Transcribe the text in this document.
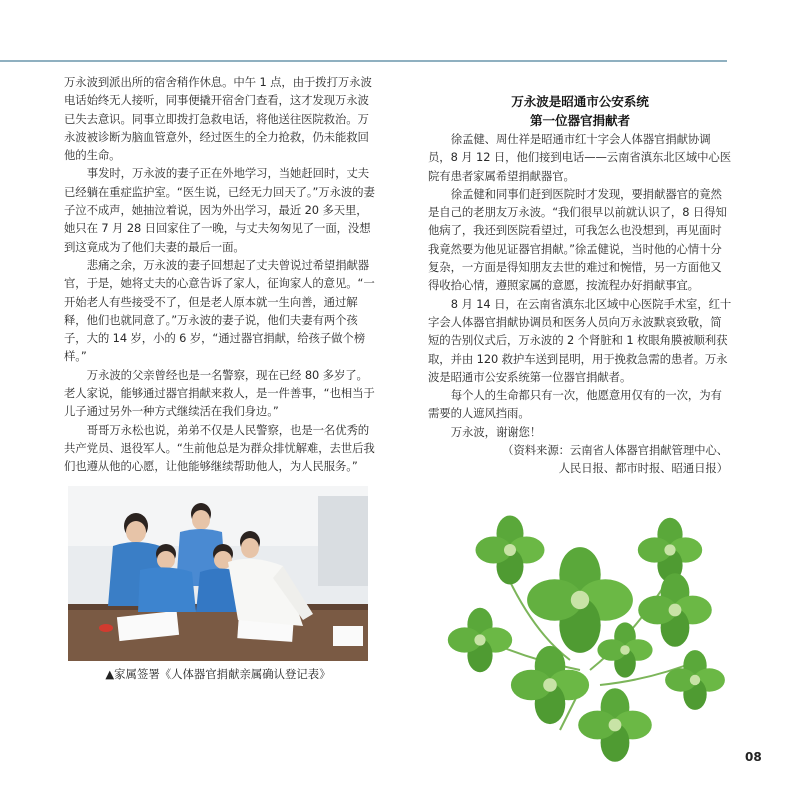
万永波到派出所的宿舍稍作休息。中午 1 点，由于拨打万永波电话始终无人接听，同事便撬开宿舍门查看，这才发现万永波已失去意识。同事立即拨打急救电话，将他送往医院救治。万永波被诊断为脑血管意外，经过医生的全力抢救，仍未能救回他的生命。

事发时，万永波的妻子正在外地学习，当她赶回时，丈夫已经躺在重症监护室。“医生说，已经无力回天了。”万永波的妻子泣不成声，她抽泣着说，因为外出学习，最近 20 多天里，她只在 7 月 28 日回家住了一晚，与丈夫匆匆见了一面，没想到这竟成为了他们夫妻的最后一面。

悲痛之余，万永波的妻子回想起了丈夫曾说过希望捐献器官，于是，她将丈夫的心意告诉了家人，征询家人的意见。“一开始老人有些接受不了，但是老人原本就一生向善，通过解释，他们也就同意了。”万永波的妻子说，他们夫妻有两个孩子，大的 14 岁，小的 6 岁，“通过器官捐献，给孩子做个榜样。”

万永波的父亲曾经也是一名警察，现在已经 80 多岁了。老人家说，能够通过器官捐献来救人，是一件善事，“也相当于儿子通过另外一种方式继续活在我们身边。”

哥哥万永松也说，弟弟不仅是人民警察，也是一名优秀的共产党员、退役军人。“生前他总是为群众排忧解难，去世后我们也遵从他的心愿，让他能够继续帮助他人，为人民服务。”

▲家属签署《人体器官捐献亲属确认登记表》

万永波是昭通市公安系统

第一位器官捐献者

徐孟健、周仕祥是昭通市红十字会人体器官捐献协调员，8 月 12 日，他们接到电话——云南省滇东北区域中心医院有患者家属希望捐献器官。

徐孟健和同事们赶到医院时才发现，要捐献器官的竟然是自己的老朋友万永波。“我们很早以前就认识了，8 日得知他病了，我还到医院看望过，可我怎么也没想到，再见面时我竟然要为他见证器官捐献。”徐孟健说，当时他的心情十分复杂，一方面是得知朋友去世的难过和惋惜，另一方面他又得收拾心情，遵照家属的意愿，按流程办好捐献事宜。

8 月 14 日，在云南省滇东北区域中心医院手术室，红十字会人体器官捐献协调员和医务人员向万永波默哀致敬，简短的告别仪式后，万永波的 2 个肾脏和 1 枚眼角膜被顺利获取，并由 120 救护车送到昆明，用于挽救急需的患者。万永波是昭通市公安系统第一位器官捐献者。

每个人的生命都只有一次，他愿意用仅有的一次，为有需要的人遮风挡雨。

万永波，谢谢您！

（资料来源：云南省人体器官捐献管理中心、

人民日报、都市时报、昭通日报）

08
